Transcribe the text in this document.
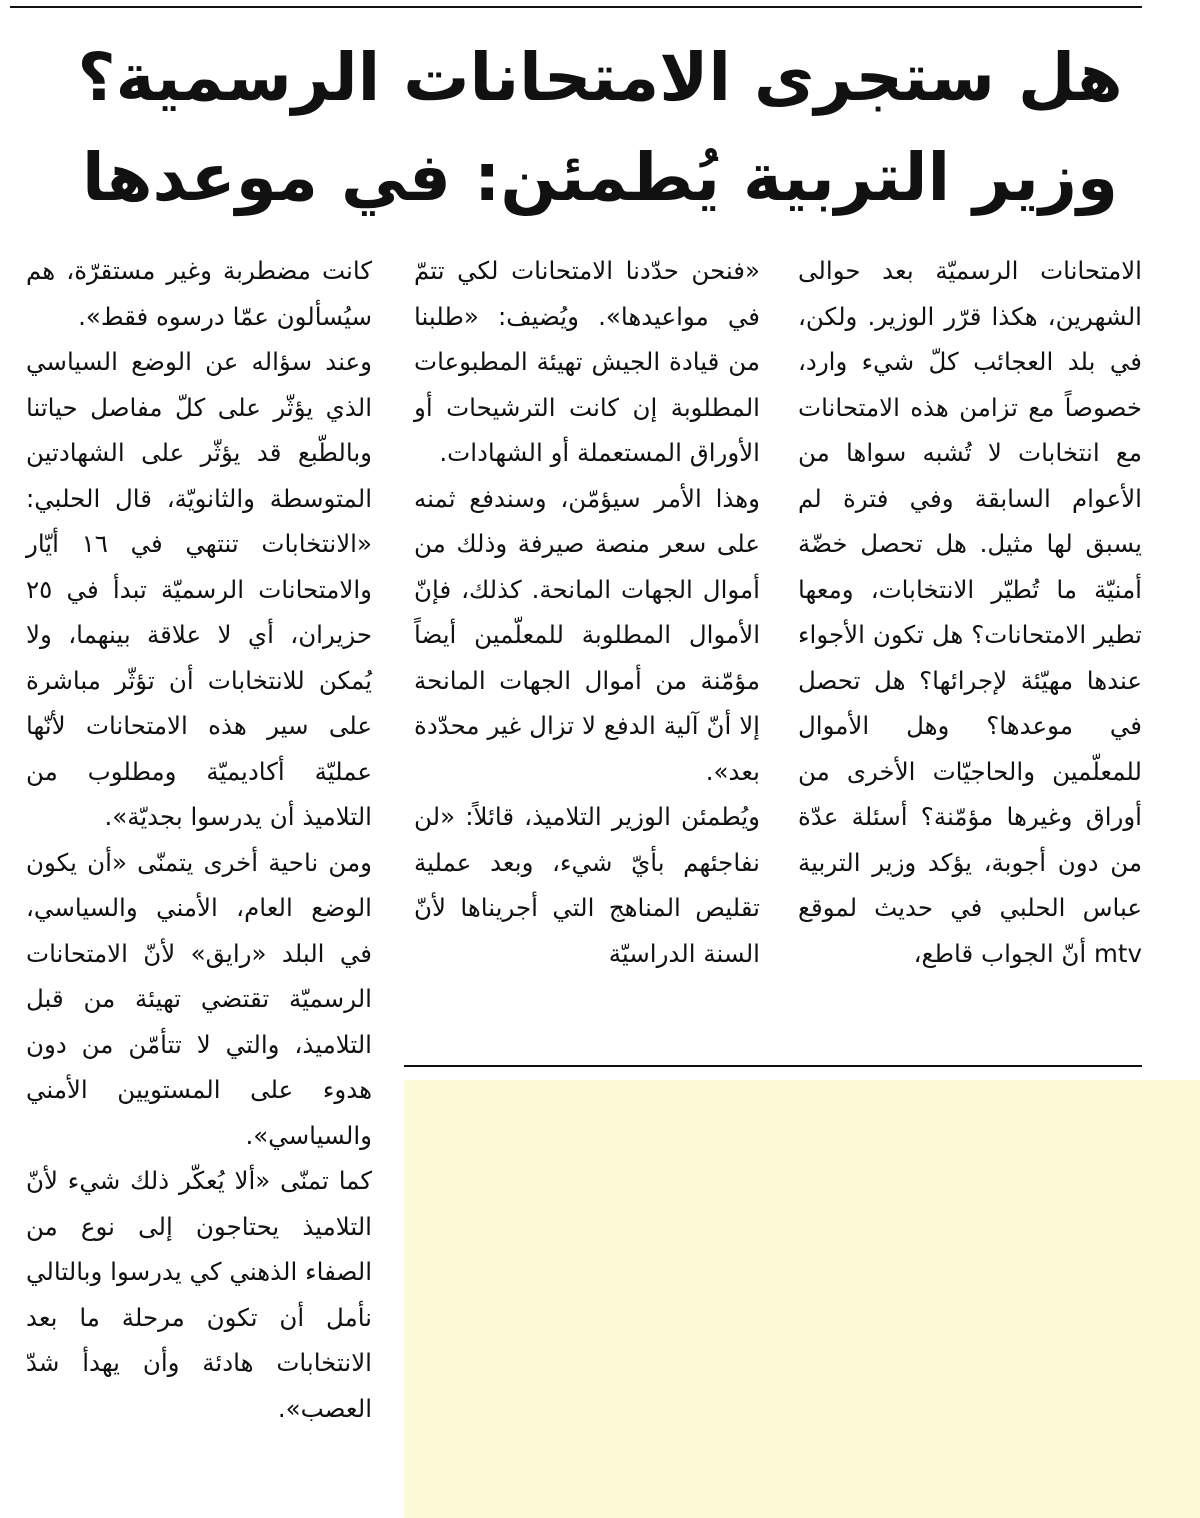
هل ستجرى الامتحانات الرسمية؟
وزير التربية يُطمئن: في موعدها

الامتحانات الرسميّة بعد حوالى الشهرين، هكذا قرّر الوزير. ولكن، في بلد العجائب كلّ شيء وارد، خصوصاً مع تزامن هذه الامتحانات مع انتخابات لا تُشبه سواها من الأعوام السابقة وفي فترة لم يسبق لها مثيل. هل تحصل خضّة أمنيّة ما تُطيّر الانتخابات، ومعها تطير الامتحانات؟ هل تكون الأجواء عندها مهيّئة لإجرائها؟ هل تحصل في موعدها؟ وهل الأموال للمعلّمين والحاجيّات الأخرى من أوراق وغيرها مؤمّنة؟ أسئلة عدّة من دون أجوبة، يؤكد وزير التربية عباس الحلبي في حديث لموقع mtv أنّ الجواب قاطع،

«فنحن حدّدنا الامتحانات لكي تتمّ في مواعيدها». ويُضيف: «طلبنا من قيادة الجيش تهيئة المطبوعات المطلوبة إن كانت الترشيحات أو الأوراق المستعملة أو الشهادات.

وهذا الأمر سيؤمّن، وسندفع ثمنه على سعر منصة صيرفة وذلك من أموال الجهات المانحة. كذلك، فإنّ الأموال المطلوبة للمعلّمين أيضاً مؤمّنة من أموال الجهات المانحة إلا أنّ آلية الدفع لا تزال غير محدّدة بعد».

ويُطمئن الوزير التلاميذ، قائلاً: «لن نفاجئهم بأيّ شيء، وبعد عملية تقليص المناهج التي أجريناها لأنّ السنة الدراسيّة

كانت مضطربة وغير مستقرّة، هم سيُسألون عمّا درسوه فقط».

وعند سؤاله عن الوضع السياسي الذي يؤثّر على كلّ مفاصل حياتنا وبالطّبع قد يؤثّر على الشهادتين المتوسطة والثانويّة، قال الحلبي: «الانتخابات تنتهي في ١٦ أيّار والامتحانات الرسميّة تبدأ في ٢٥ حزيران، أي لا علاقة بينهما، ولا يُمكن للانتخابات أن تؤثّر مباشرة على سير هذه الامتحانات لأنّها عمليّة أكاديميّة ومطلوب من التلاميذ أن يدرسوا بجديّة».

ومن ناحية أخرى يتمنّى «أن يكون الوضع العام، الأمني والسياسي، في البلد «رايق» لأنّ الامتحانات الرسميّة تقتضي تهيئة من قبل التلاميذ، والتي لا تتأمّن من دون هدوء على المستويين الأمني والسياسي».

كما تمنّى «ألا يُعكّر ذلك شيء لأنّ التلاميذ يحتاجون إلى نوع من الصفاء الذهني كي يدرسوا وبالتالي نأمل أن تكون مرحلة ما بعد الانتخابات هادئة وأن يهدأ شدّ العصب».
